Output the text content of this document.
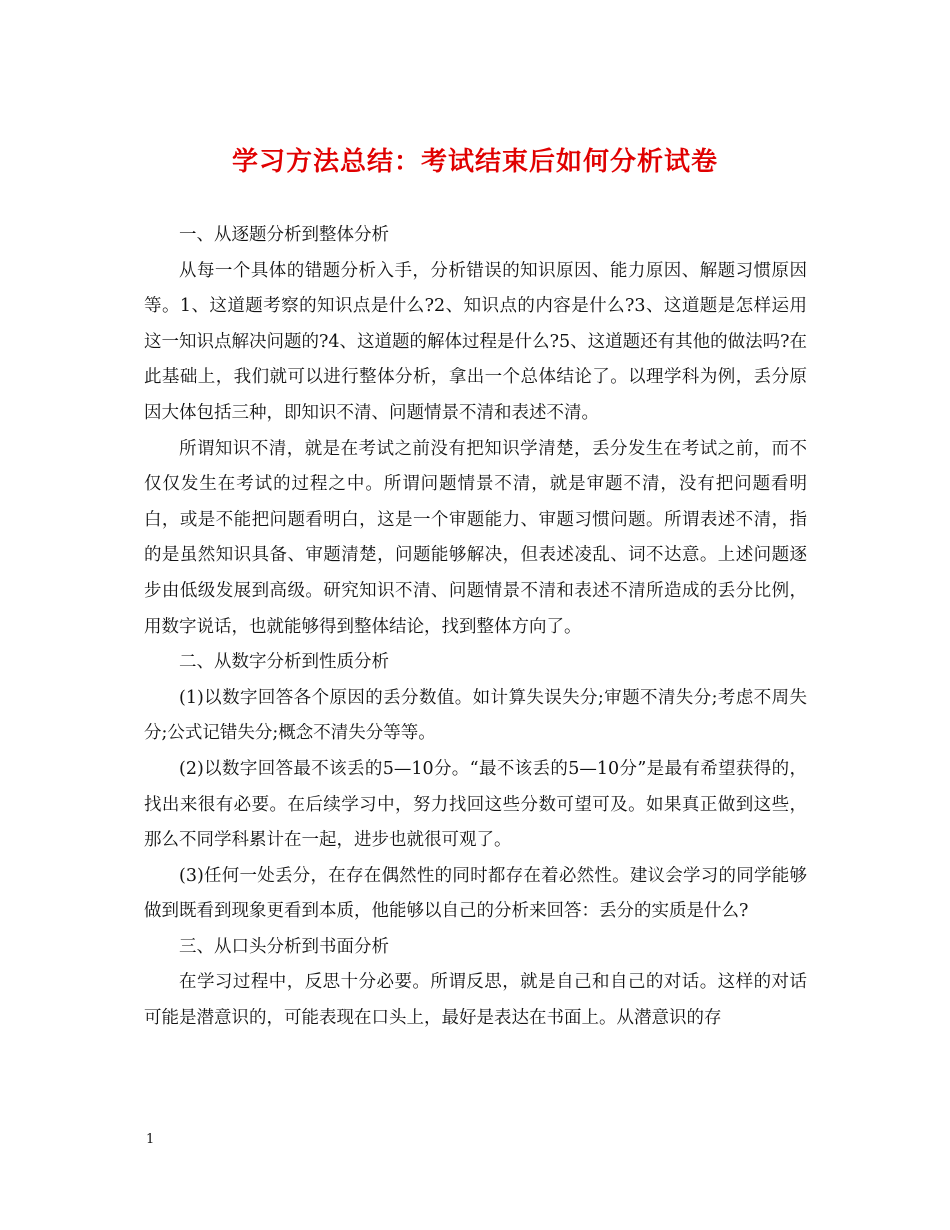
学习方法总结：考试结束后如何分析试卷

一、从逐题分析到整体分析

从每一个具体的错题分析入手，分析错误的知识原因、能力原因、解题习惯原因等。1、这道题考察的知识点是什么?2、知识点的内容是什么?3、这道题是怎样运用这一知识点解决问题的?4、这道题的解体过程是什么?5、这道题还有其他的做法吗?在此基础上，我们就可以进行整体分析，拿出一个总体结论了。以理学科为例，丢分原因大体包括三种，即知识不清、问题情景不清和表述不清。

所谓知识不清，就是在考试之前没有把知识学清楚，丢分发生在考试之前，而不仅仅发生在考试的过程之中。所谓问题情景不清，就是审题不清，没有把问题看明白，或是不能把问题看明白，这是一个审题能力、审题习惯问题。所谓表述不清，指的是虽然知识具备、审题清楚，问题能够解决，但表述凌乱、词不达意。上述问题逐步由低级发展到高级。研究知识不清、问题情景不清和表述不清所造成的丢分比例，用数字说话，也就能够得到整体结论，找到整体方向了。

二、从数字分析到性质分析

(1)以数字回答各个原因的丢分数值。如计算失误失分;审题不清失分;考虑不周失分;公式记错失分;概念不清失分等等。

(2)以数字回答最不该丢的5—10分。“最不该丢的5—10分”是最有希望获得的，找出来很有必要。在后续学习中，努力找回这些分数可望可及。如果真正做到这些，那么不同学科累计在一起，进步也就很可观了。

(3)任何一处丢分，在存在偶然性的同时都存在着必然性。建议会学习的同学能够做到既看到现象更看到本质，他能够以自己的分析来回答：丢分的实质是什么?

三、从口头分析到书面分析

在学习过程中，反思十分必要。所谓反思，就是自己和自己的对话。这样的对话可能是潜意识的，可能表现在口头上，最好是表达在书面上。从潜意识的存

1
